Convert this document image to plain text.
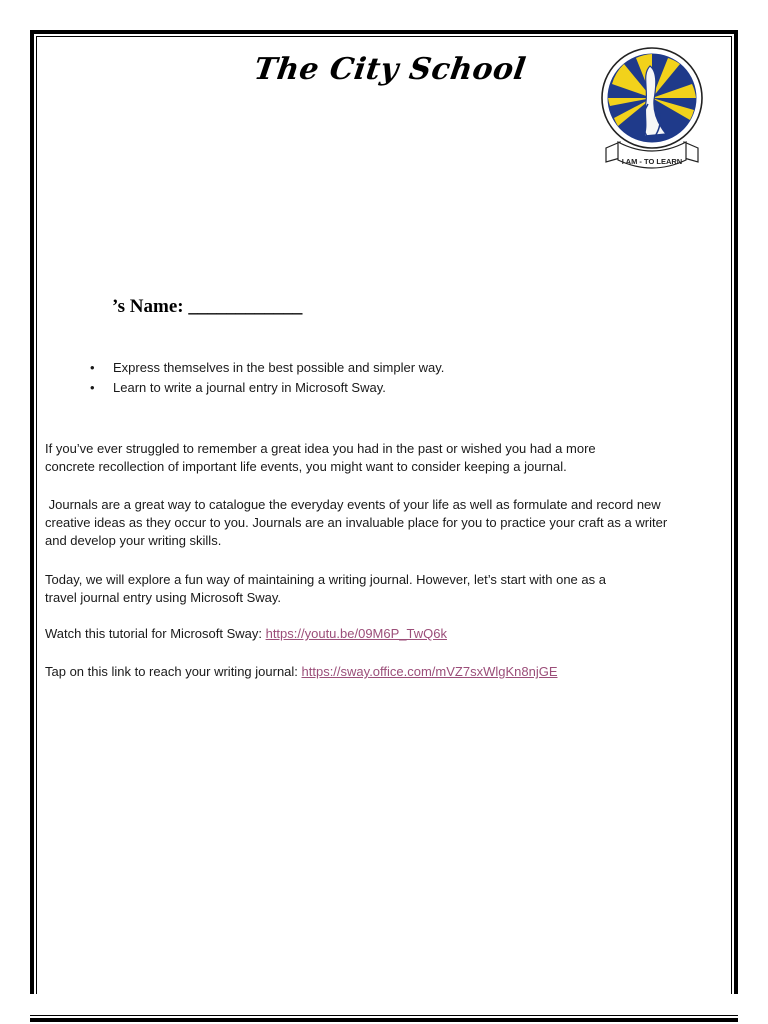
The City School
I AM - TO LEARN
’s Name: ____________
• Express themselves in the best possible and simpler way.
• Learn to write a journal entry in Microsoft Sway.

If you’ve ever struggled to remember a great idea you had in the past or wished you had a more
concrete recollection of important life events, you might want to consider keeping a journal.

Journals are a great way to catalogue the everyday events of your life as well as formulate and record new
creative ideas as they occur to you. Journals are an invaluable place for you to practice your craft as a writer
and develop your writing skills.

Today, we will explore a fun way of maintaining a writing journal. However, let’s start with one as a
travel journal entry using Microsoft Sway.

Watch this tutorial for Microsoft Sway: https://youtu.be/09M6P_TwQ6k

Tap on this link to reach your writing journal: https://sway.office.com/mVZ7sxWlgKn8njGE
